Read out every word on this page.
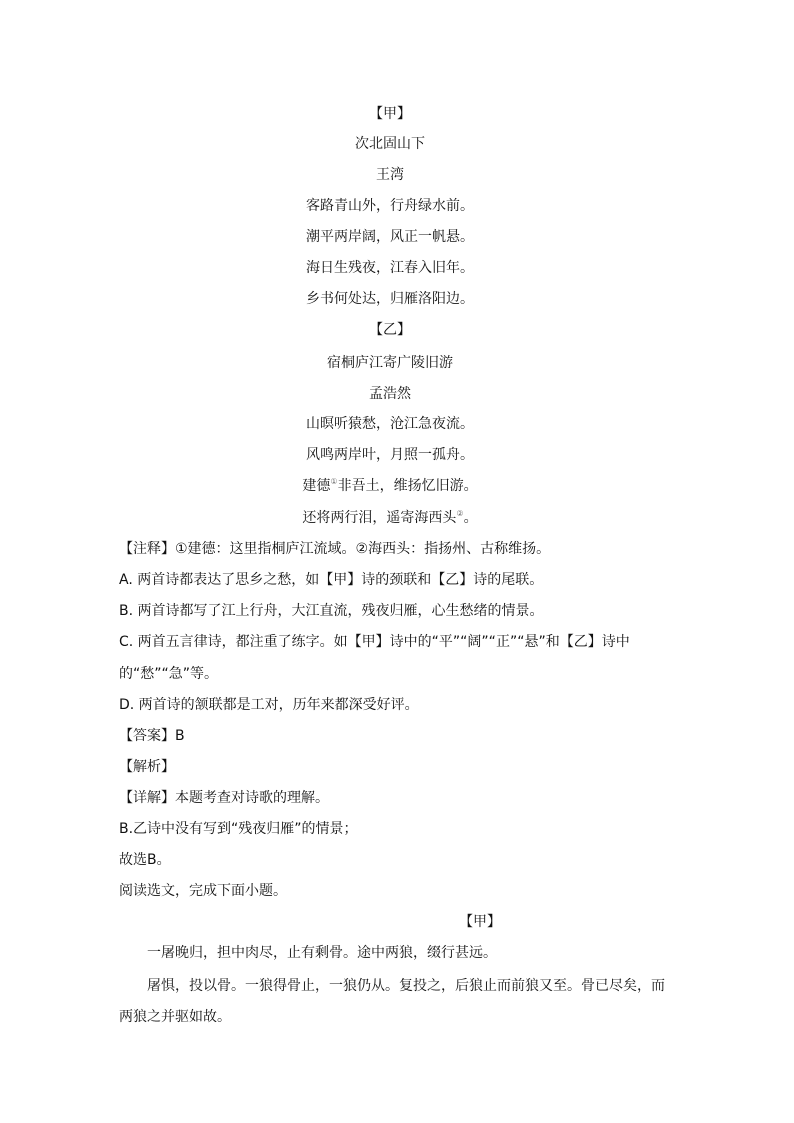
【甲】
次北固山下
王湾
客路青山外，行舟绿水前。
潮平两岸阔，风正一帆悬。
海日生残夜，江春入旧年。
乡书何处达，归雁洛阳边。
【乙】
宿桐庐江寄广陵旧游
孟浩然
山暝听猿愁，沧江急夜流。
风鸣两岸叶，月照一孤舟。
建德①非吾土，维扬忆旧游。
还将两行泪，遥寄海西头②。
【注释】①建德：这里指桐庐江流域。②海西头：指扬州、古称维扬。
A. 两首诗都表达了思乡之愁，如【甲】诗的颈联和【乙】诗的尾联。
B. 两首诗都写了江上行舟，大江直流，残夜归雁，心生愁绪的情景。
C. 两首五言律诗，都注重了练字。如【甲】诗中的“平”“阔”“正”“悬”和【乙】诗中
的“愁”“急”等。
D. 两首诗的颔联都是工对，历年来都深受好评。
【答案】B
【解析】
【详解】本题考查对诗歌的理解。
B.乙诗中没有写到“残夜归雁”的情景；
故选B。
阅读选文，完成下面小题。
【甲】
一屠晚归，担中肉尽，止有剩骨。途中两狼，缀行甚远。
屠惧，投以骨。一狼得骨止，一狼仍从。复投之，后狼止而前狼又至。骨已尽矣，而
两狼之并驱如故。
